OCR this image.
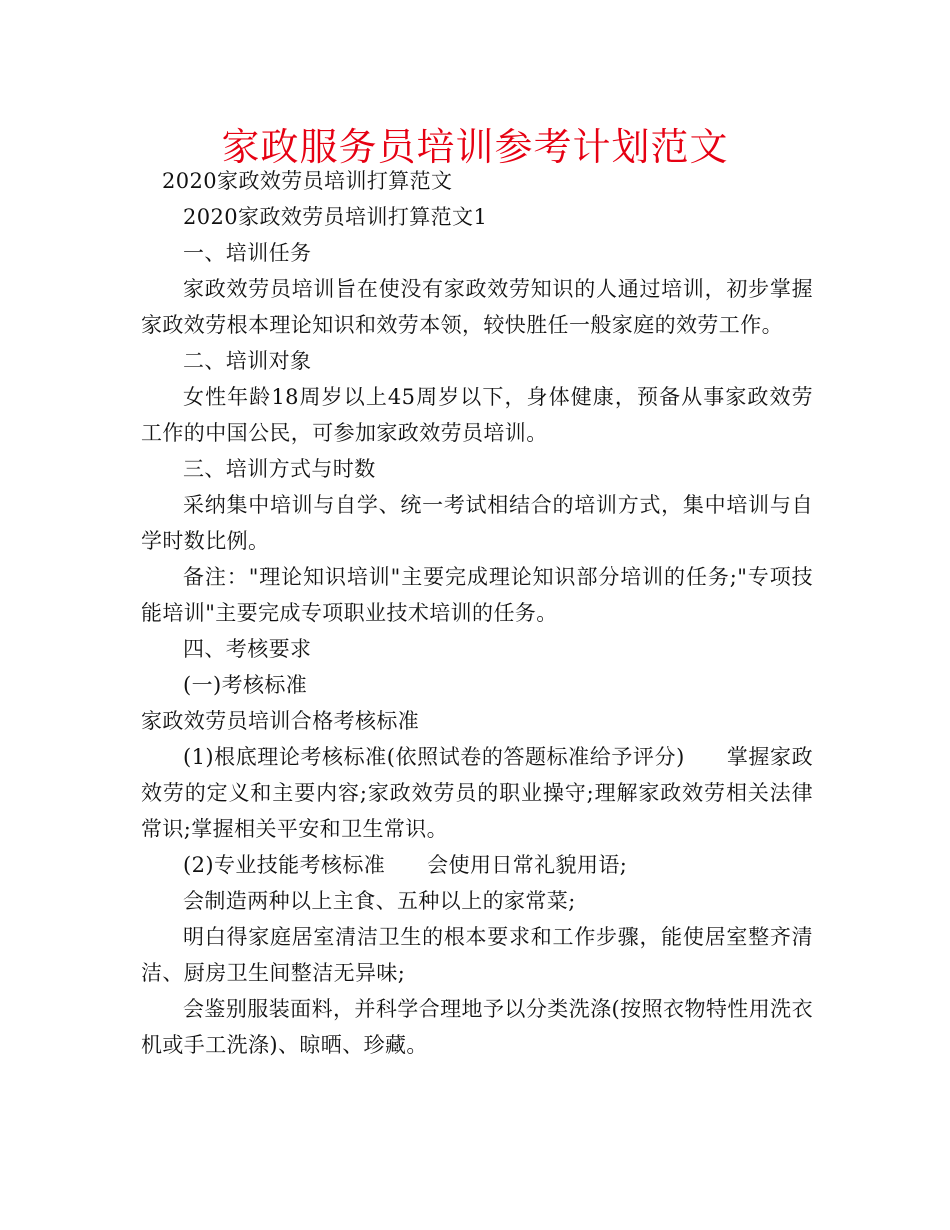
家政服务员培训参考计划范文

2020家政效劳员培训打算范文

2020家政效劳员培训打算范文1

一、培训任务

家政效劳员培训旨在使没有家政效劳知识的人通过培训，初步掌握家政效劳根本理论知识和效劳本领，较快胜任一般家庭的效劳工作。

二、培训对象

女性年龄18周岁以上45周岁以下，身体健康，预备从事家政效劳工作的中国公民，可参加家政效劳员培训。

三、培训方式与时数

采纳集中培训与自学、统一考试相结合的培训方式，集中培训与自学时数比例。

备注："理论知识培训"主要完成理论知识部分培训的任务;"专项技能培训"主要完成专项职业技术培训的任务。

四、考核要求

(一)考核标准

家政效劳员培训合格考核标准

(1)根底理论考核标准(依照试卷的答题标准给予评分) 掌握家政效劳的定义和主要内容;家政效劳员的职业操守;理解家政效劳相关法律常识;掌握相关平安和卫生常识。

(2)专业技能考核标准 会使用日常礼貌用语;

会制造两种以上主食、五种以上的家常菜;

明白得家庭居室清洁卫生的根本要求和工作步骤，能使居室整齐清洁、厨房卫生间整洁无异味;

会鉴别服装面料，并科学合理地予以分类洗涤(按照衣物特性用洗衣机或手工洗涤)、晾晒、珍藏。
